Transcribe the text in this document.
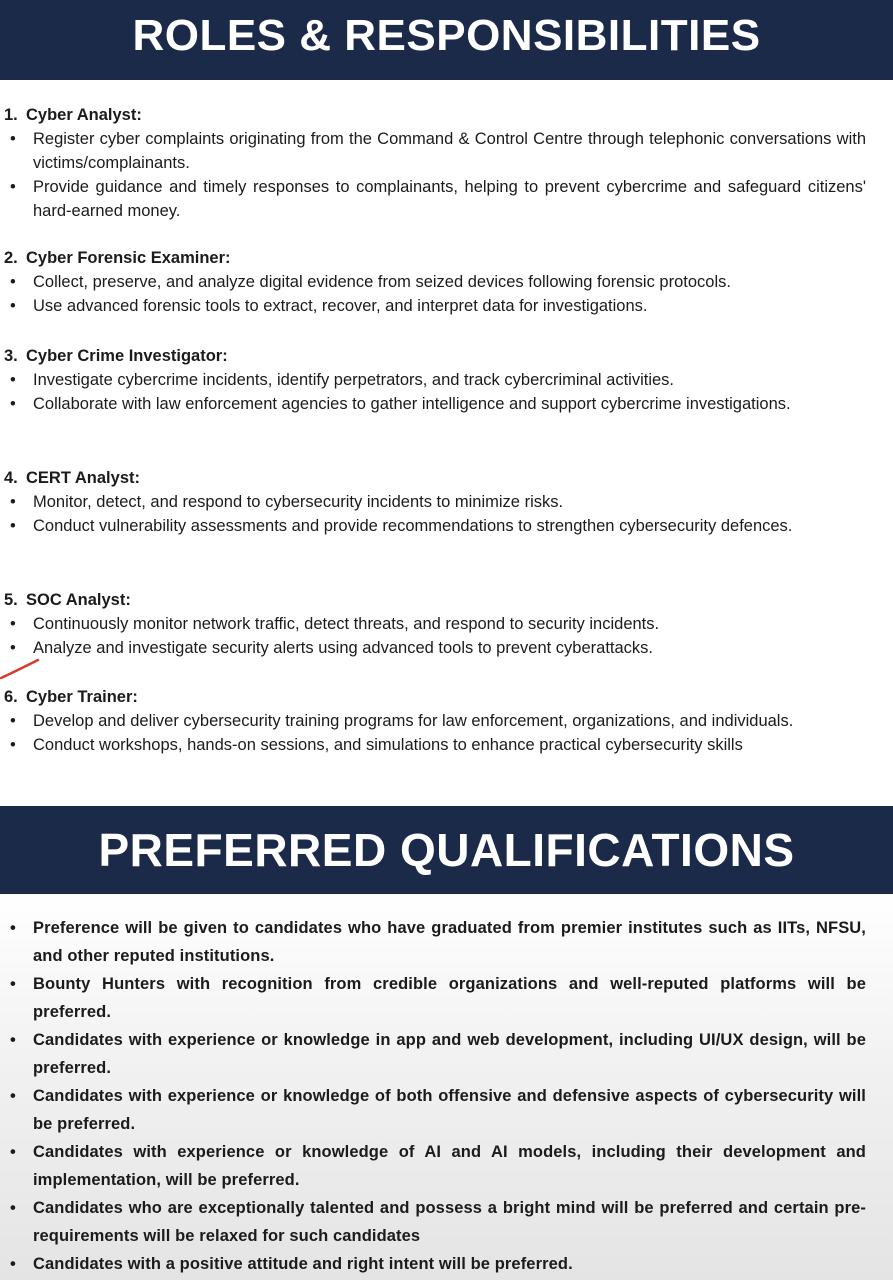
ROLES & RESPONSIBILITIES
1. Cyber Analyst:
• Register cyber complaints originating from the Command & Control Centre through telephonic conversations with victims/complainants.
• Provide guidance and timely responses to complainants, helping to prevent cybercrime and safeguard citizens' hard-earned money.
2. Cyber Forensic Examiner:
• Collect, preserve, and analyze digital evidence from seized devices following forensic protocols.
• Use advanced forensic tools to extract, recover, and interpret data for investigations.
3. Cyber Crime Investigator:
• Investigate cybercrime incidents, identify perpetrators, and track cybercriminal activities.
• Collaborate with law enforcement agencies to gather intelligence and support cybercrime investigations.
4. CERT Analyst:
• Monitor, detect, and respond to cybersecurity incidents to minimize risks.
• Conduct vulnerability assessments and provide recommendations to strengthen cybersecurity defences.
5. SOC Analyst:
• Continuously monitor network traffic, detect threats, and respond to security incidents.
• Analyze and investigate security alerts using advanced tools to prevent cyberattacks.
6. Cyber Trainer:
• Develop and deliver cybersecurity training programs for law enforcement, organizations, and individuals.
• Conduct workshops, hands-on sessions, and simulations to enhance practical cybersecurity skills
PREFERRED QUALIFICATIONS
• Preference will be given to candidates who have graduated from premier institutes such as IITs, NFSU, and other reputed institutions.
• Bounty Hunters with recognition from credible organizations and well-reputed platforms will be preferred.
• Candidates with experience or knowledge in app and web development, including UI/UX design, will be preferred.
• Candidates with experience or knowledge of both offensive and defensive aspects of cybersecurity will be preferred.
• Candidates with experience or knowledge of AI and AI models, including their development and implementation, will be preferred.
• Candidates who are exceptionally talented and possess a bright mind will be preferred and certain pre-requirements will be relaxed for such candidates
• Candidates with a positive attitude and right intent will be preferred.
